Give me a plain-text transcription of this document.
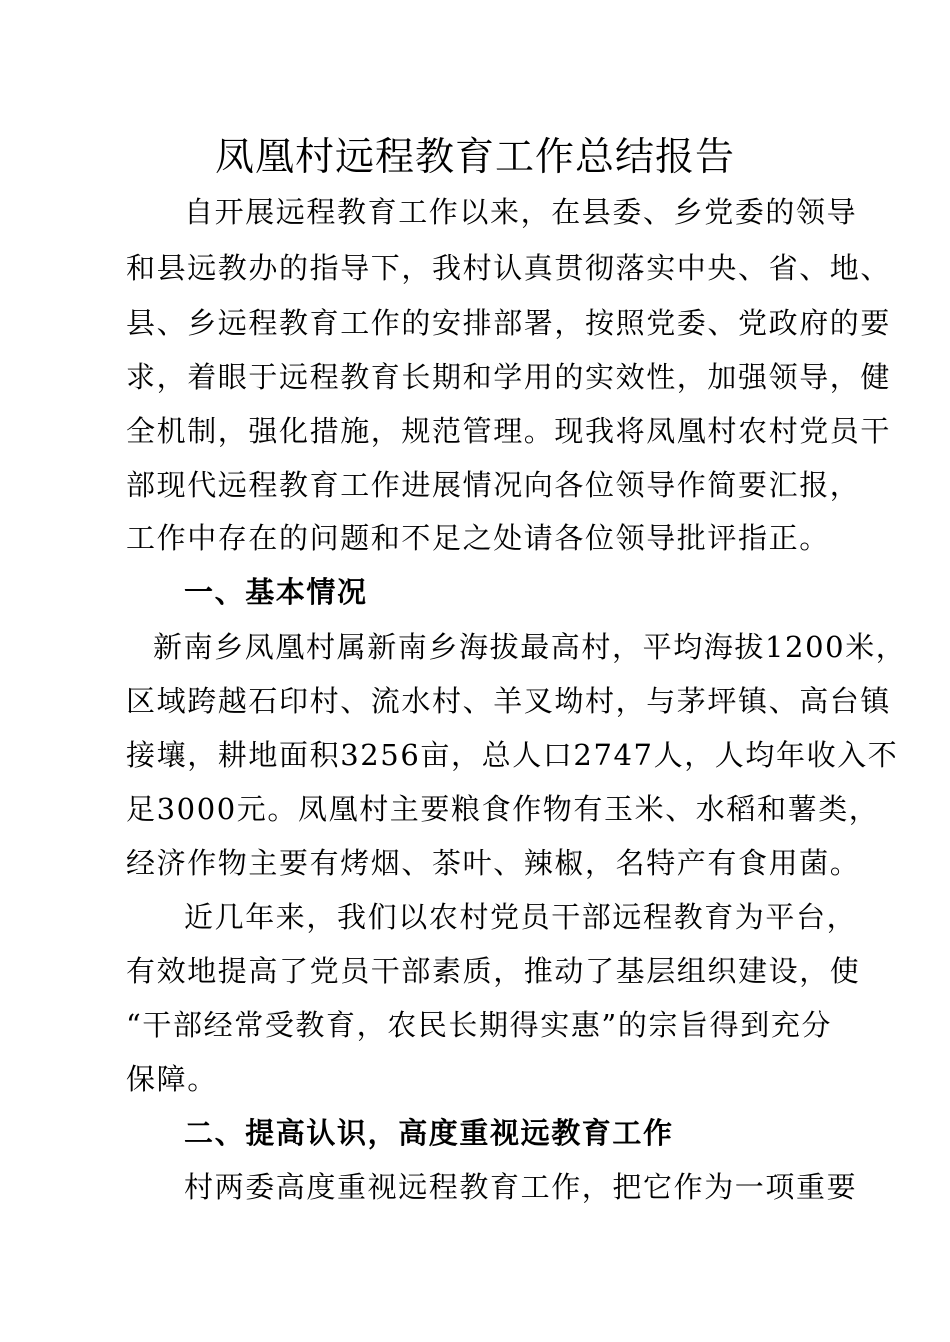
凤凰村远程教育工作总结报告
自开展远程教育工作以来，在县委、乡党委的领导
和县远教办的指导下，我村认真贯彻落实中央、省、地、
县、乡远程教育工作的安排部署，按照党委、党政府的要
求，着眼于远程教育长期和学用的实效性，加强领导，健
全机制，强化措施，规范管理。现我将凤凰村农村党员干
部现代远程教育工作进展情况向各位领导作简要汇报，
工作中存在的问题和不足之处请各位领导批评指正。
一、基本情况
新南乡凤凰村属新南乡海拔最高村，平均海拔1200米，
区域跨越石印村、流水村、羊叉坳村，与茅坪镇、高台镇
接壤，耕地面积3256亩，总人口2747人，人均年收入不
足3000元。凤凰村主要粮食作物有玉米、水稻和薯类，
经济作物主要有烤烟、茶叶、辣椒，名特产有食用菌。
近几年来，我们以农村党员干部远程教育为平台，
有效地提高了党员干部素质，推动了基层组织建设，使
“干部经常受教育，农民长期得实惠”的宗旨得到充分
保障。
二、提高认识，高度重视远教育工作
村两委高度重视远程教育工作，把它作为一项重要
